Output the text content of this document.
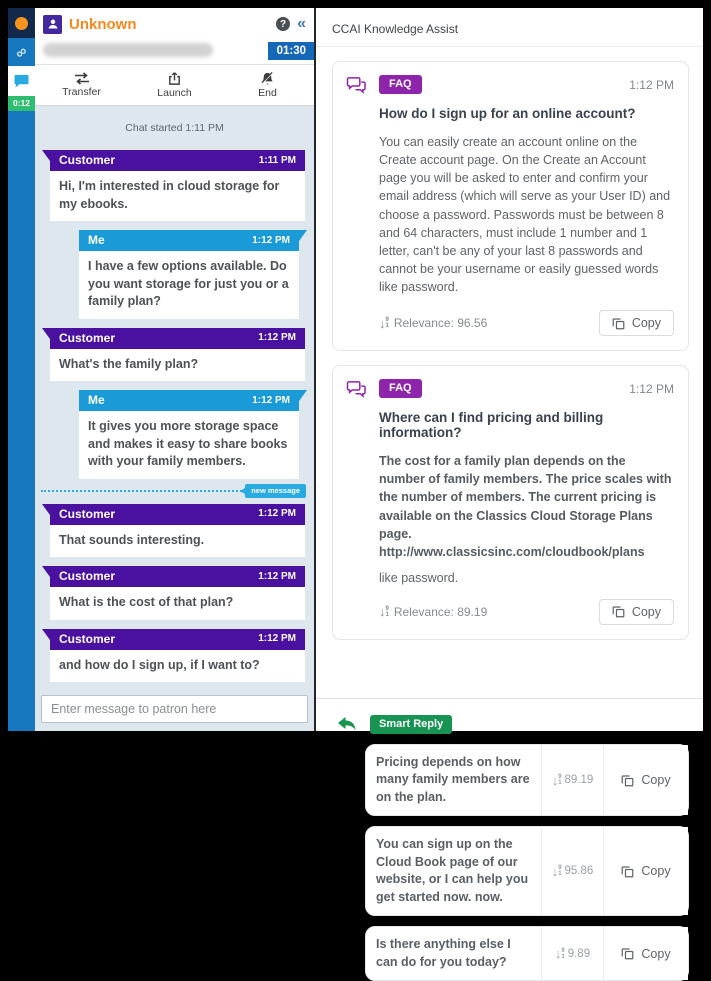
∞
0:12
Unknown	? «
01:30
Transfer	Launch	End
Chat started 1:11 PM
Customer	1:11 PM
Hi, I'm interested in cloud storage for my ebooks.
Me	1:12 PM
I have a few options available. Do you want storage for just you or a family plan?
Customer	1:12 PM
What's the family plan?
Me	1:12 PM
It gives you more storage space and makes it easy to share books with your family members.
new message
Customer	1:12 PM
That sounds interesting.
Customer	1:12 PM
What is the cost of that plan?
Customer	1:12 PM
and how do I sign up, if I want to?
Enter message to patron here
CCAI Knowledge Assist
FAQ	1:12 PM
How do I sign up for an online account?
You can easily create an account online on the Create account page. On the Create an Account page you will be asked to enter and confirm your email address (which will serve as your User ID) and choose a password. Passwords must be between 8 and 64 characters, must include 1 number and 1 letter, can't be any of your last 8 passwords and cannot be your username or easily guessed words like password.
↓ 9
1 Relevance: 96.56	Copy
FAQ	1:12 PM
Where can I find pricing and billing information?
The cost for a family plan depends on the number of family members. The price scales with the number of members. The current pricing is available on the Classics Cloud Storage Plans page.
http://www.classicsinc.com/cloudbook/plans
like password.
↓ 9
1 Relevance: 89.19	Copy
Smart Reply
Pricing depends on how many family members are on the plan.
↓ 9
1 89.19	Copy
You can sign up on the Cloud Book page of our website, or I can help you get started now. now.
↓ 9
1 95.86	Copy
Is there anything else I can do for you today?
↓ 9
1 9.89	Copy
